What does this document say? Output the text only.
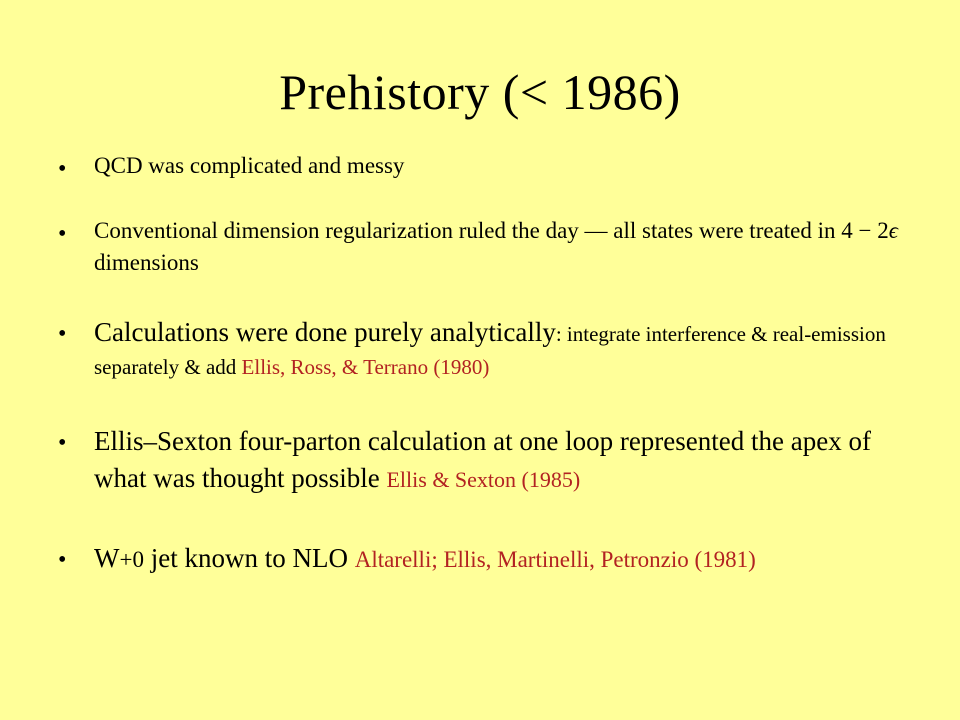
Prehistory (< 1986)
• QCD was complicated and messy
• Conventional dimension regularization ruled the day — all states were treated in 4 − 2ϵ dimensions
• Calculations were done purely analytically: integrate interference & real-emission separately & add Ellis, Ross, & Terrano (1980)
• Ellis–Sexton four-parton calculation at one loop represented the apex of what was thought possible Ellis & Sexton (1985)
• W+0 jet known to NLO Altarelli; Ellis, Martinelli, Petronzio (1981)
